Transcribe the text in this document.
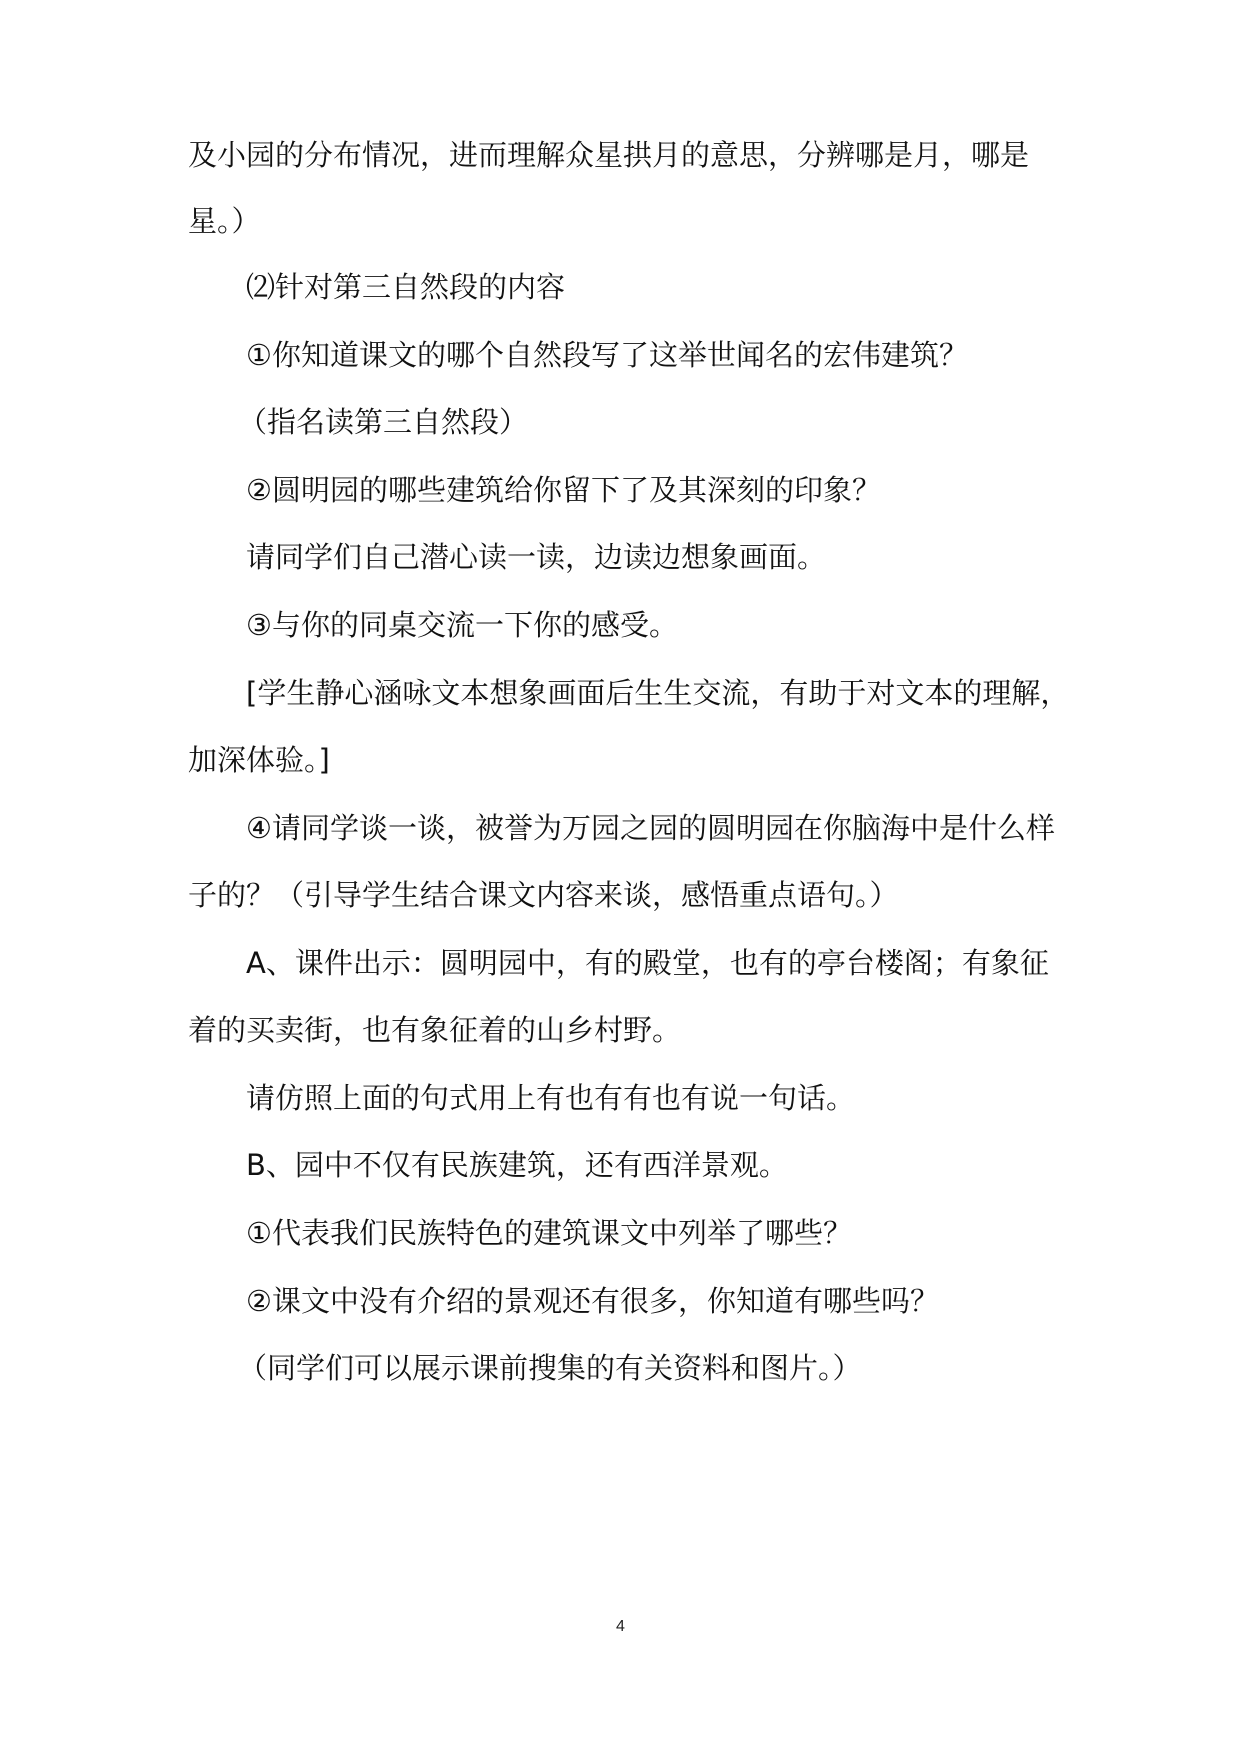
及小园的分布情况，进而理解众星拱月的意思，分辨哪是月，哪是
星。）
⑵针对第三自然段的内容
①你知道课文的哪个自然段写了这举世闻名的宏伟建筑？
（指名读第三自然段）
②圆明园的哪些建筑给你留下了及其深刻的印象？
请同学们自己潜心读一读，边读边想象画面。
③与你的同桌交流一下你的感受。
[学生静心涵咏文本想象画面后生生交流，有助于对文本的理解，
加深体验。]
④请同学谈一谈，被誉为万园之园的圆明园在你脑海中是什么样
子的？（引导学生结合课文内容来谈，感悟重点语句。）
A、课件出示：圆明园中，有的殿堂，也有的亭台楼阁；有象征
着的买卖街，也有象征着的山乡村野。
请仿照上面的句式用上有也有有也有说一句话。
B、园中不仅有民族建筑，还有西洋景观。
①代表我们民族特色的建筑课文中列举了哪些？
②课文中没有介绍的景观还有很多，你知道有哪些吗？
（同学们可以展示课前搜集的有关资料和图片。）
4
